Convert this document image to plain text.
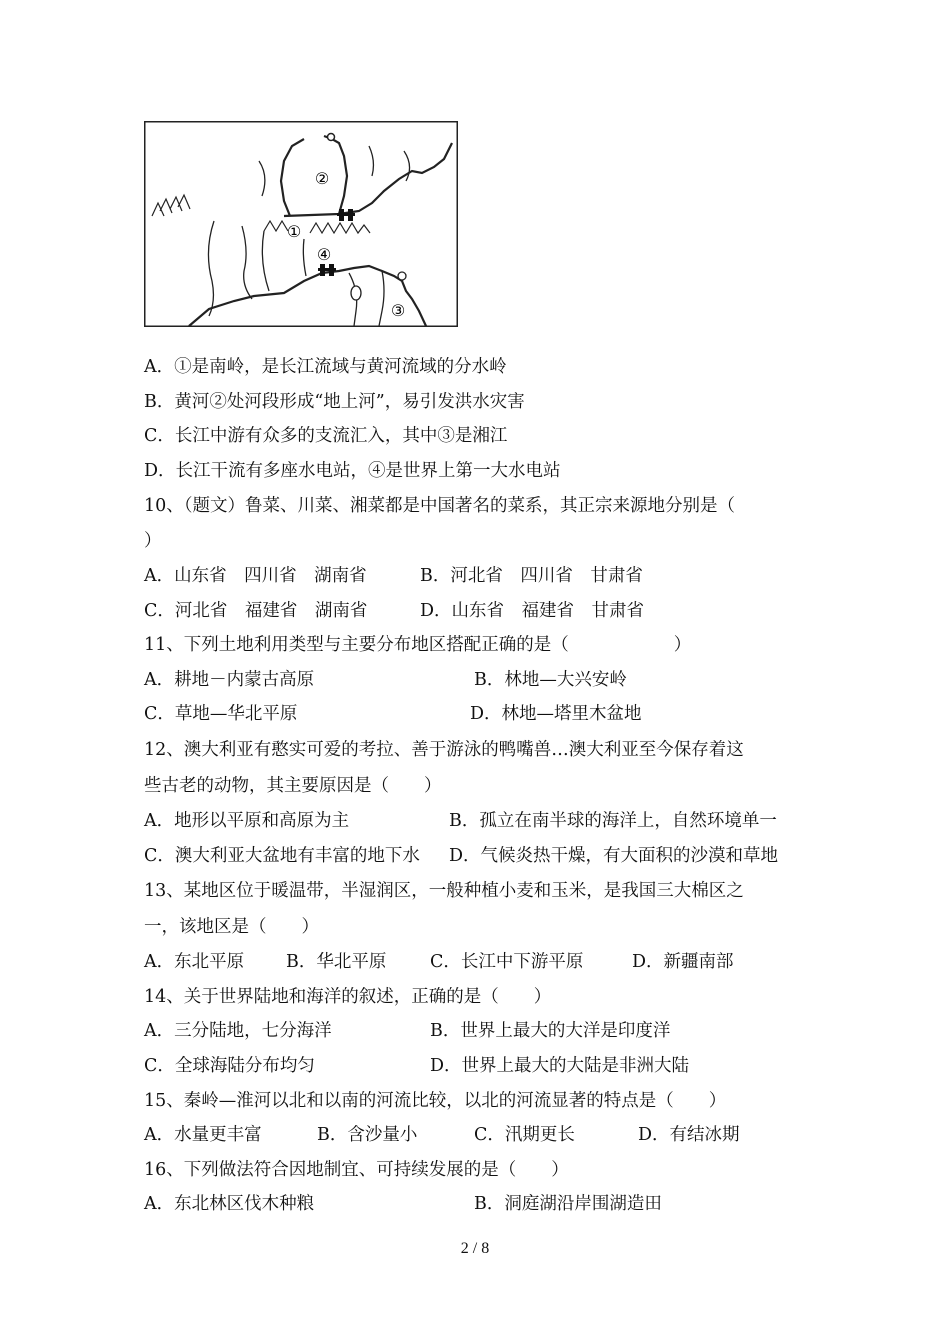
②
①
④
③
A．①是南岭，是长江流域与黄河流域的分水岭
B．黄河②处河段形成“地上河”，易引发洪水灾害
C．长江中游有众多的支流汇入，其中③是湘江
D．长江干流有多座水电站，④是世界上第一大水电站
10、（题文）鲁菜、川菜、湘菜都是中国著名的菜系，其正宗来源地分别是（
）
A．山东省　四川省　湖南省	B．河北省　四川省　甘肃省
C．河北省　福建省　湖南省	D．山东省　福建省　甘肃省
11、下列土地利用类型与主要分布地区搭配正确的是（　　　　　　）
A．耕地－内蒙古高原	B．林地—大兴安岭
C．草地—华北平原	D．林地—塔里木盆地
12、澳大利亚有憨实可爱的考拉、善于游泳的鸭嘴兽…澳大利亚至今保存着这
些古老的动物，其主要原因是（　　）
A．地形以平原和高原为主	B．孤立在南半球的海洋上，自然环境单一
C．澳大利亚大盆地有丰富的地下水 D．气候炎热干燥，有大面积的沙漠和草地
13、某地区位于暖温带，半湿润区，一般种植小麦和玉米，是我国三大棉区之
一，该地区是（　　）
A．东北平原 B．华北平原 C．长江中下游平原	D．新疆南部
14、关于世界陆地和海洋的叙述，正确的是（　　）
A．三分陆地，七分海洋	B．世界上最大的大洋是印度洋
C．全球海陆分布均匀	D．世界上最大的大陆是非洲大陆
15、秦岭—淮河以北和以南的河流比较，以北的河流显著的特点是（　　）
A．水量更丰富	B．含沙量小	C．汛期更长	D．有结冰期
16、下列做法符合因地制宜、可持续发展的是（　　）
A．东北林区伐木种粮	B．洞庭湖沿岸围湖造田
2 / 8
